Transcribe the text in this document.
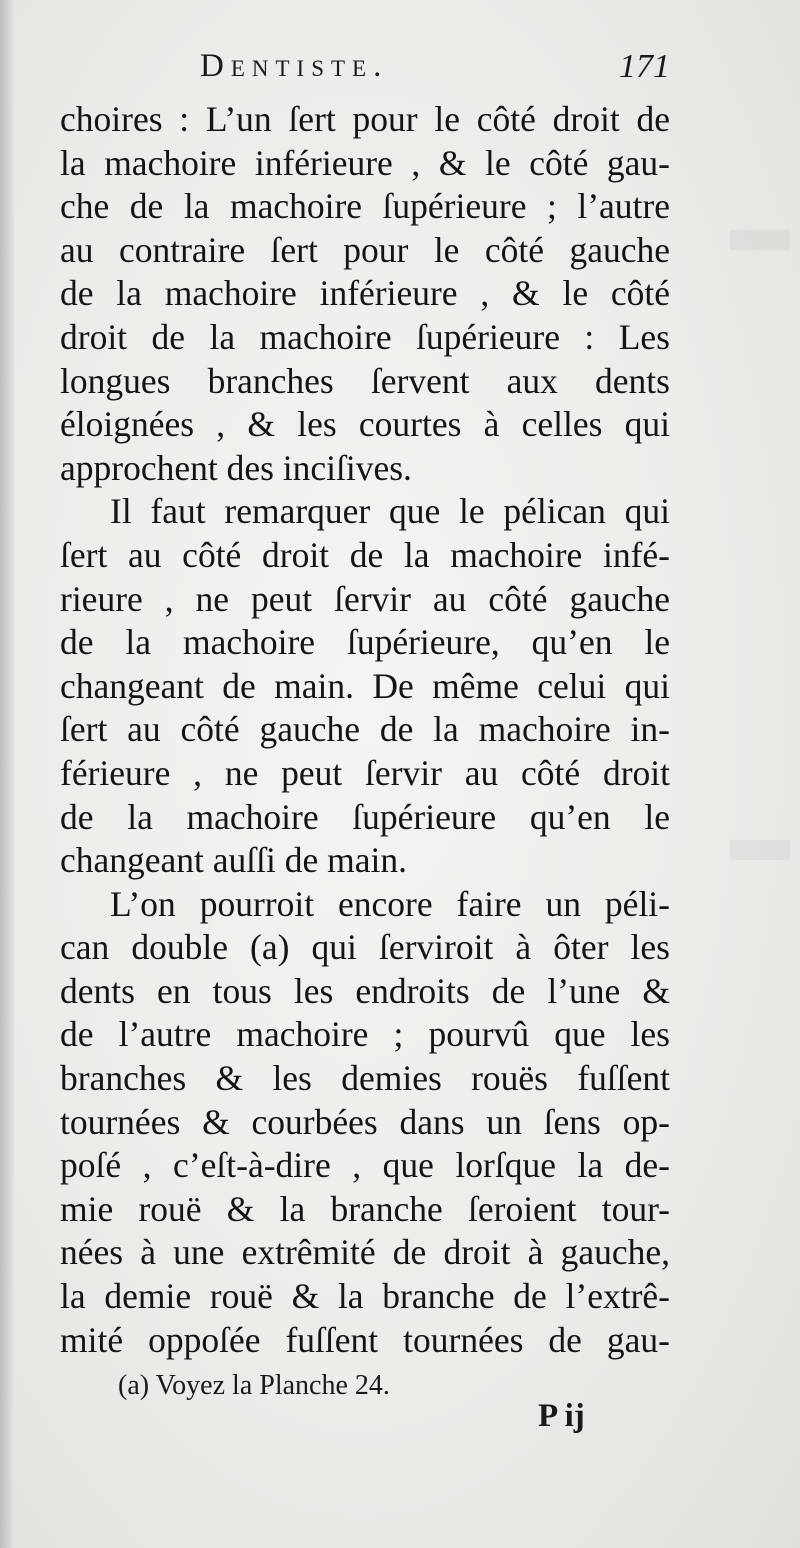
Dentiste.	171
choires : L’un ſert pour le côté droit de
la machoire inférieure , & le côté gau-
che de la machoire ſupérieure ; l’autre
au contraire ſert pour le côté gauche
de la machoire inférieure , & le côté
droit de la machoire ſupérieure : Les
longues branches ſervent aux dents
éloignées , & les courtes à celles qui
approchent des inciſives.
Il faut remarquer que le pélican qui
ſert au côté droit de la machoire infé-
rieure , ne peut ſervir au côté gauche
de la machoire ſupérieure, qu’en le
changeant de main. De même celui qui
ſert au côté gauche de la machoire in-
férieure , ne peut ſervir au côté droit
de la machoire ſupérieure qu’en le
changeant auſſi de main.
L’on pourroit encore faire un péli-
can double (a) qui ſerviroit à ôter les
dents en tous les endroits de l’une &
de l’autre machoire ; pourvû que les
branches & les demies rouës fuſſent
tournées & courbées dans un ſens op-
poſé , c’eſt-à-dire , que lorſque la de-
mie rouë & la branche ſeroient tour-
nées à une extrêmité de droit à gauche,
la demie rouë & la branche de l’extrê-
mité oppoſée fuſſent tournées de gau-
(a) Voyez la Planche 24.
P ij
